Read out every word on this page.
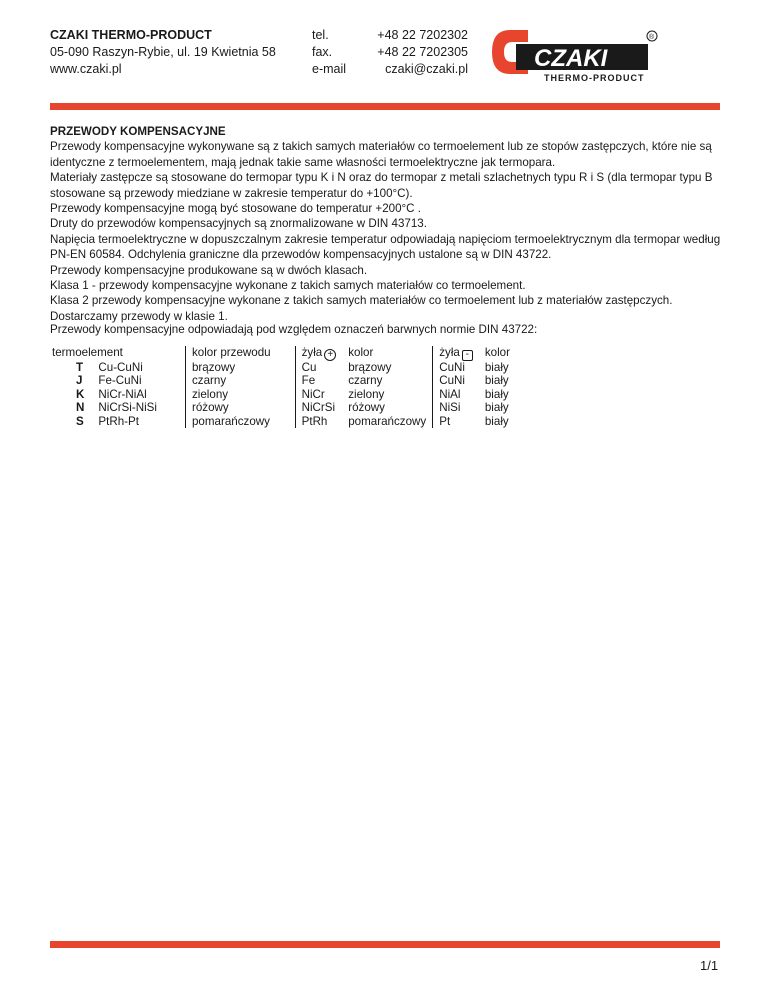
CZAKI THERMO-PRODUCT
05-090 Raszyn-Rybie, ul. 19 Kwietnia 58
www.czaki.pl
tel.	+48 22 7202302
fax.	+48 22 7202305
e-mail	czaki@czaki.pl	CZAKI
THERMO-PRODUCT
®

PRZEWODY KOMPENSACYJNE

Przewody kompensacyjne wykonywane są z takich samych materiałów co termoelement lub ze stopów zastępczych, które nie są identyczne z termoelementem, mają jednak takie same własności termoelektryczne jak termopara.

Materiały zastępcze są stosowane do termopar typu K i N oraz do termopar z metali szlachetnych typu R i S (dla termopar typu B stosowane są przewody miedziane w zakresie temperatur do +100°C).

Przewody kompensacyjne mogą być stosowane do temperatur +200°C .

Druty do przewodów kompensacyjnych są znormalizowane w DIN 43713.

Napięcia termoelektryczne w dopuszczalnym zakresie temperatur odpowiadają napięciom termoelektrycznym dla termopar według PN-EN 60584. Odchylenia graniczne dla przewodów kompensacyjnych ustalone są w DIN 43722.

Przewody kompensacyjne produkowane są w dwóch klasach.

Klasa 1 - przewody kompensacyjne wykonane z takich samych materiałów co termoelement.

Klasa 2 przewody kompensacyjne wykonane z takich samych materiałów co termoelement lub z materiałów zastępczych.

Dostarczamy przewody w klasie 1.

Przewody kompensacyjne odpowiadają pod względem oznaczeń barwnych normie DIN 43722:
termoelement		kolor przewodu	żyła +	kolor	żyła -	kolor
T	Cu-CuNi	brązowy	Cu	brązowy	CuNi	biały
J	Fe-CuNi	czarny	Fe	czarny	CuNi	biały
K	NiCr-NiAl	zielony	NiCr	zielony	NiAl	biały
N	NiCrSi-NiSi	różowy	NiCrSi	różowy	NiSi	biały
S	PtRh-Pt	pomarańczowy	PtRh	pomarańczowy	Pt	biały
1/1
